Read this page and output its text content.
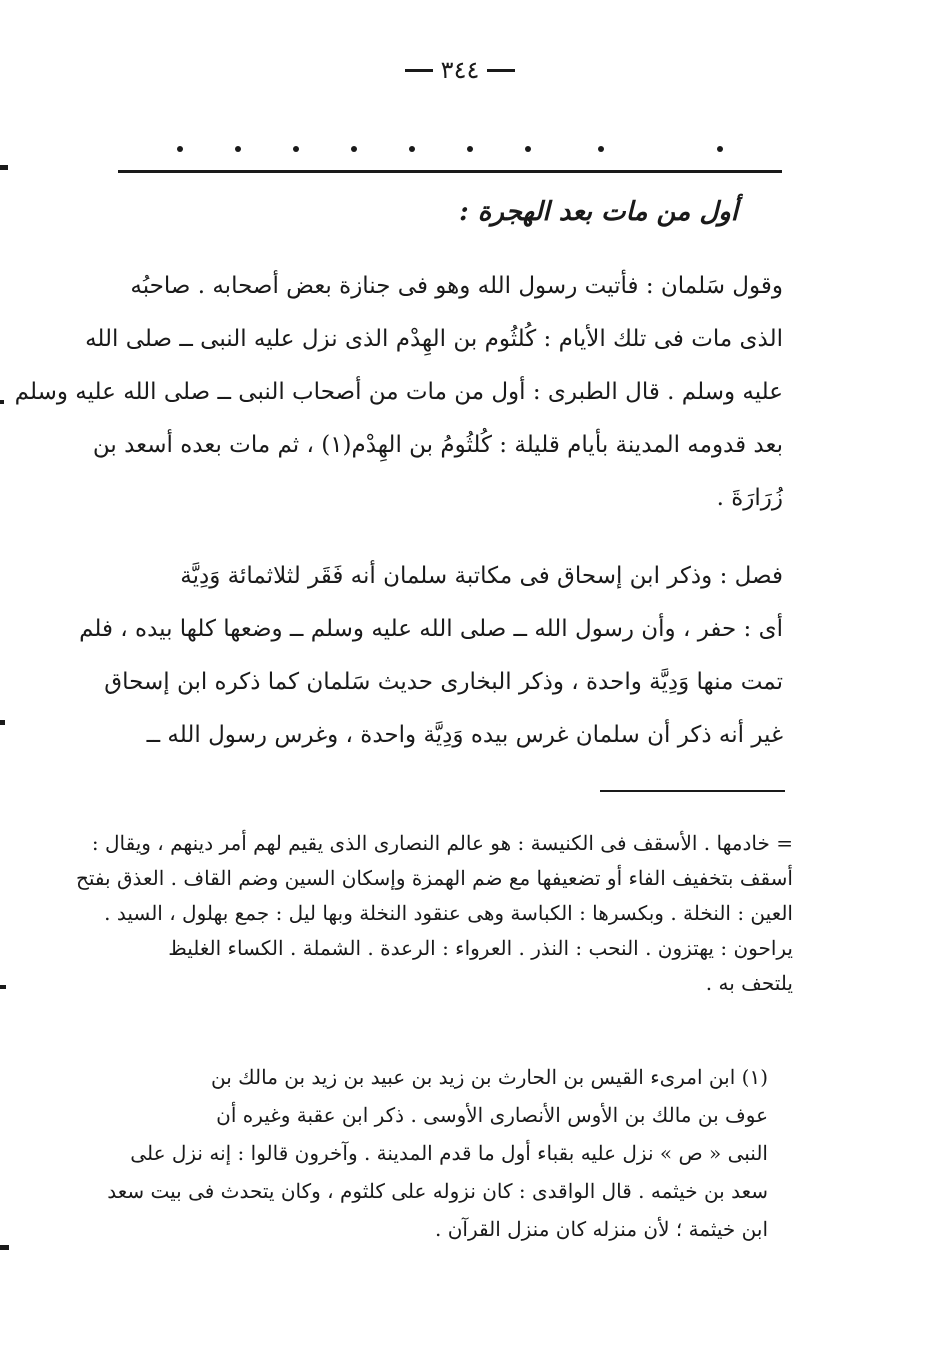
٣٤٤
أول من مات بعد الهجرة :
وقول سَلمان : فأتيت رسول الله وهو فى جنازة بعض أصحابه . صاحبُه
الذى مات فى تلك الأيام : كُلثُوم بن الهِدْم الذى نزل عليه النبى ــ صلى الله
عليه وسلم . قال الطبرى : أول من مات من أصحاب النبى ــ صلى الله عليه وسلم
بعد قدومه المدينة بأيام قليلة : كُلثُومُ بن الهِدْم(١) ، ثم مات بعده أسعد بن
زُرَارَةَ .
فصل : وذكر ابن إسحاق فى مكاتبة سلمان أنه فَقَر لثلاثمائة وَدِيَّة
أى : حفر ، وأن رسول الله ــ صلى الله عليه وسلم ــ وضعها كلها بيده ، فلم
تمت منها وَدِيَّة واحدة ، وذكر البخارى حديث سَلمان كما ذكره ابن إسحاق
غير أنه ذكر أن سلمان غرس بيده وَدِيَّة واحدة ، وغرس رسول الله ــ
= خادمها . الأسقف فى الكنيسة : هو عالم النصارى الذى يقيم لهم أمر دينهم ، ويقال :
أسقف بتخفيف الفاء أو تضعيفها مع ضم الهمزة وإسكان السين وضم القاف . العذق بفتح
العين : النخلة . وبكسرها : الكباسة وهى عنقود النخلة وبها ليل : جمع بهلول ، السيد .
يراحون : يهتزون . النحب : النذر . العرواء : الرعدة . الشملة . الكساء الغليظ
يلتحف به .
(١) ابن امرىء القيس بن الحارث بن زيد بن عبيد بن زيد بن مالك بن
عوف بن مالك بن الأوس الأنصارى الأوسى . ذكر ابن عقبة وغيره أن
النبى « ص » نزل عليه بقباء أول ما قدم المدينة . وآخرون قالوا : إنه نزل على
سعد بن خيثمه . قال الواقدى : كان نزوله على كلثوم ، وكان يتحدث فى بيت سعد
ابن خيثمة ؛ لأن منزله كان منزل القرآن .
